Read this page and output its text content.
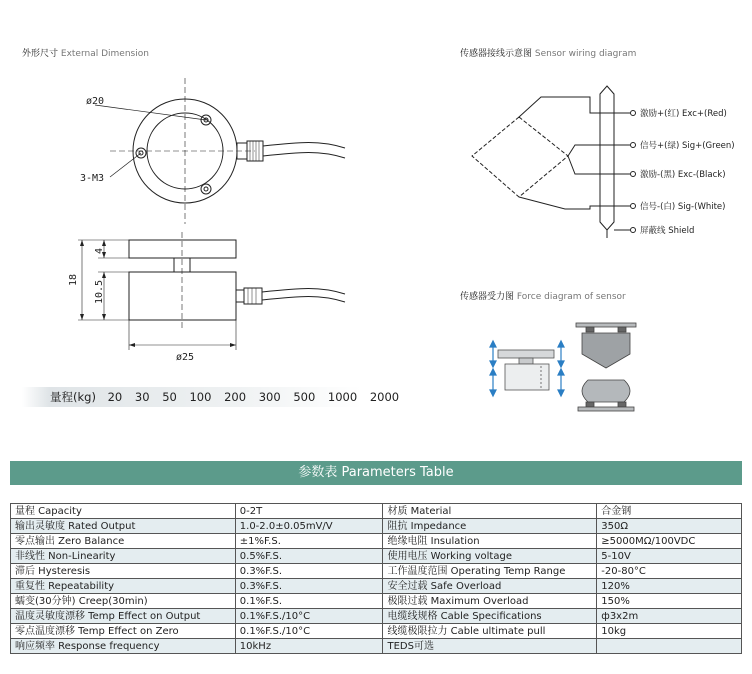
外形尺寸 External Dimension	传感器接线示意图 Sensor wiring diagram
传感器受力图 Force diagram of sensor
ø20
3-M3
4
18 10.5
ø25
激励+(红) Exc+(Red)
信号+(绿) Sig+(Green)
激励-(黑) Exc-(Black)
信号-(白) Sig-(White)
屏蔽线 Shield
量程(kg) 20 30 50 100 200 300 500 1000 2000
参数表 Parameters Table
量程 Capacity	0-2T	材质 Material	合金钢
输出灵敏度 Rated Output	1.0-2.0±0.05mV/V	阻抗 Impedance	350Ω
零点输出 Zero Balance	±1%F.S.	绝缘电阻 Insulation	≥5000MΩ/100VDC
非线性 Non-Linearity	0.5%F.S.	使用电压 Working voltage	5-10V
滞后 Hysteresis	0.3%F.S.	工作温度范围 Operating Temp Range	-20-80°C
重复性 Repeatability	0.3%F.S.	安全过载 Safe Overload	120%
蠕变(30分钟) Creep(30min)	0.1%F.S.	极限过载 Maximum Overload	150%
温度灵敏度漂移 Temp Effect on Output	0.1%F.S./10°C	电缆线规格 Cable Specifications	ф3x2m
零点温度漂移 Temp Effect on Zero	0.1%F.S./10°C	线缆极限拉力 Cable ultimate pull	10kg
响应频率 Response frequency	10kHz	TEDS可选	
